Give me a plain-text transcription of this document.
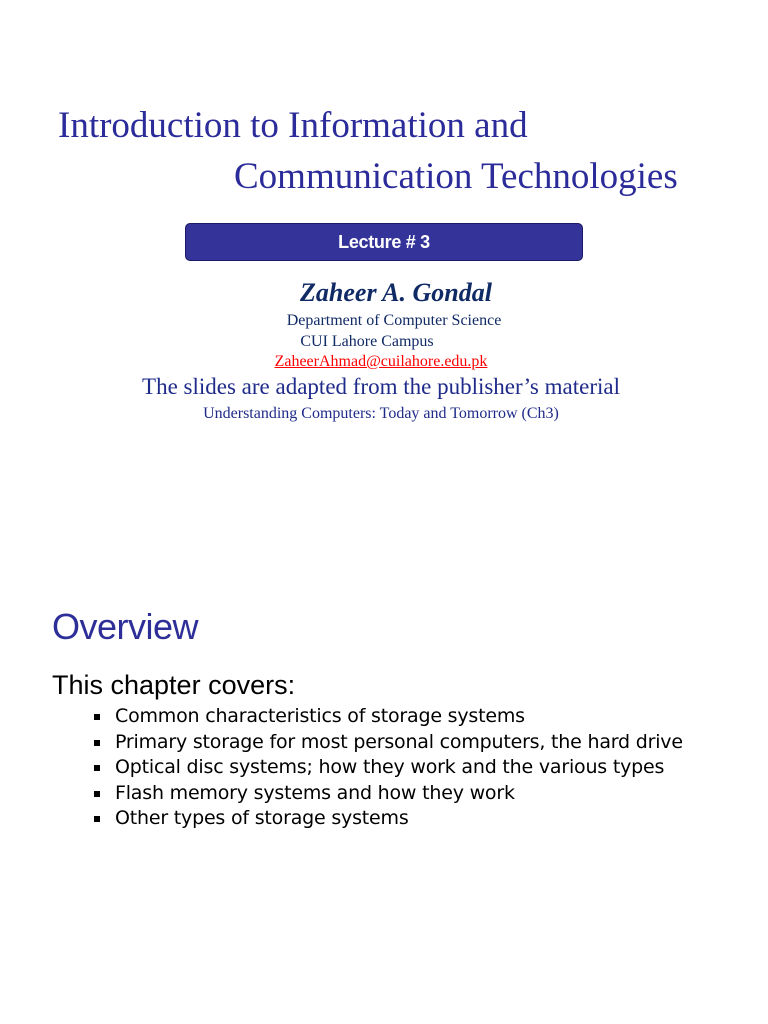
Introduction to Information and
Communication Technologies
Lecture # 3
Zaheer A. Gondal
Department of Computer Science
CUI Lahore Campus
ZaheerAhmad@cuilahore.edu.pk
The slides are adapted from the publisher’s material
Understanding Computers: Today and Tomorrow (Ch3)
Overview
This chapter covers:
Common characteristics of storage systems
Primary storage for most personal computers, the hard drive
Optical disc systems; how they work and the various types
Flash memory systems and how they work
Other types of storage systems
